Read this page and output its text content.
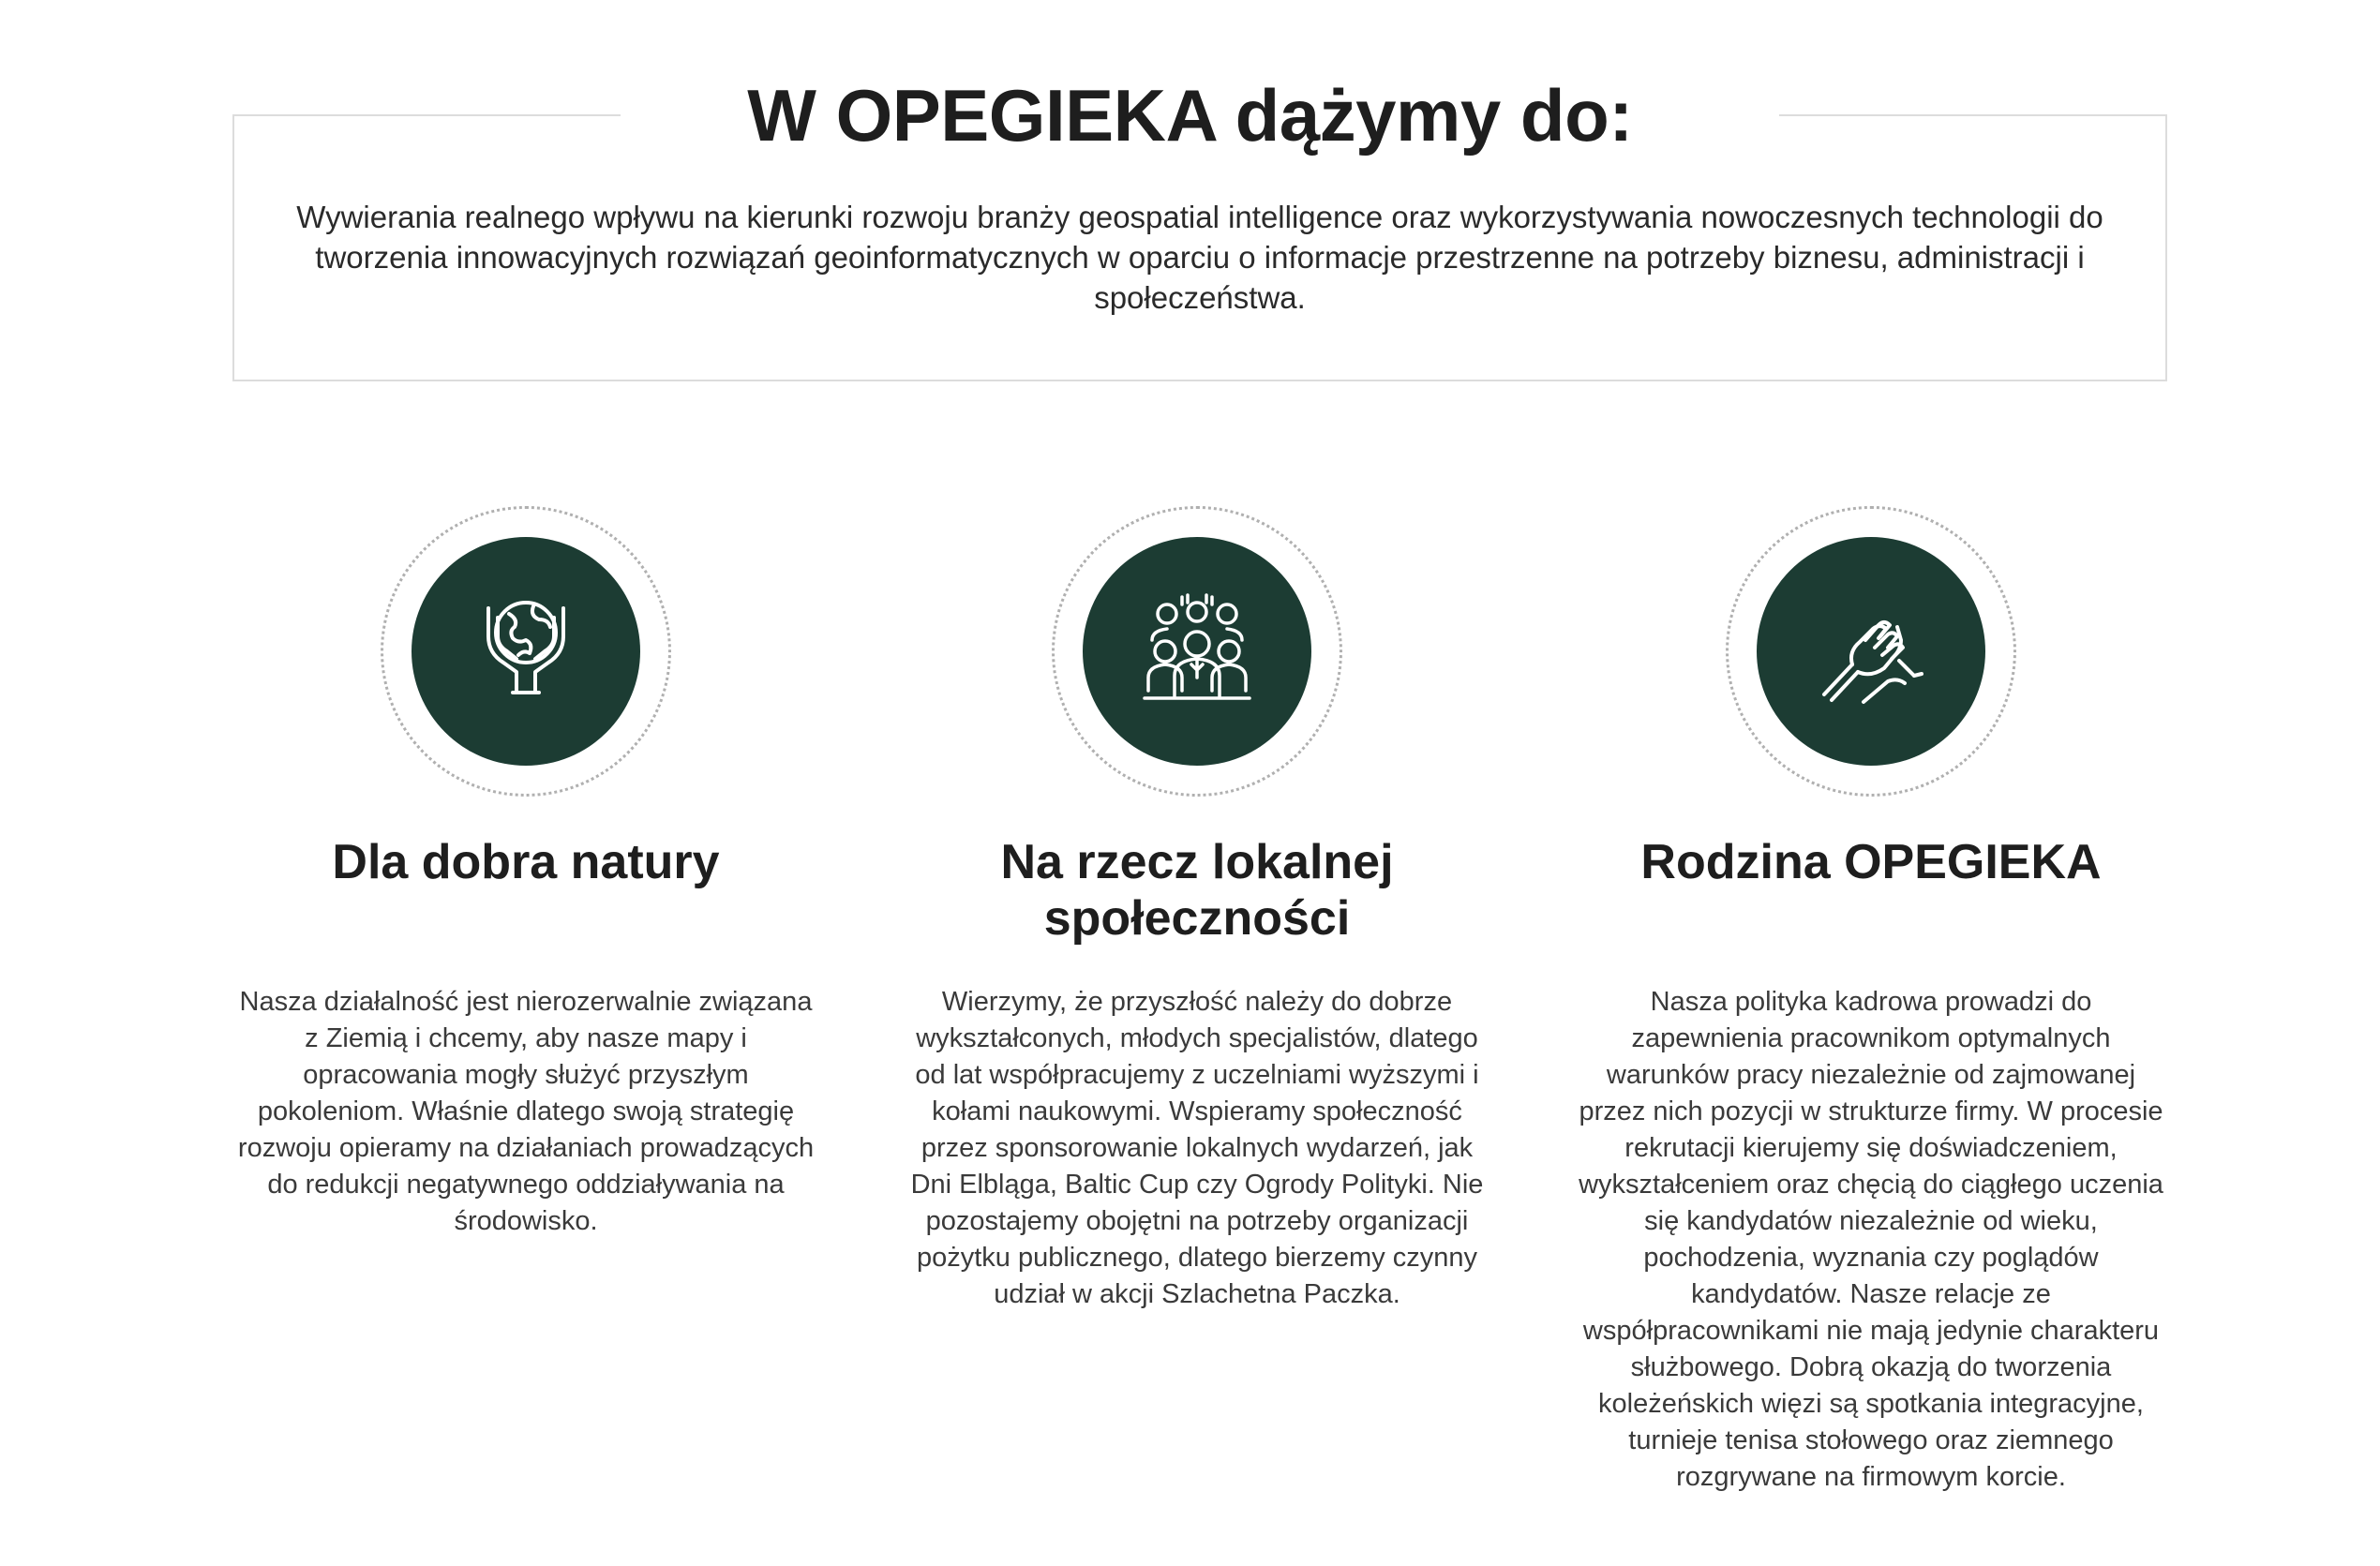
W OPEGIEKA dążymy do:

Wywierania realnego wpływu na kierunki rozwoju branży geospatial intelligence oraz wykorzystywania nowoczesnych technologii do tworzenia innowacyjnych rozwiązań geoinformatycznych w oparciu o informacje przestrzenne na potrzeby biznesu, administracji i społeczeństwa.

Dla dobra natury

Nasza działalność jest nierozerwalnie związana z Ziemią i chcemy, aby nasze mapy i opracowania mogły służyć przyszłym pokoleniom. Właśnie dlatego swoją strategię rozwoju opieramy na działaniach prowadzących do redukcji negatywnego oddziaływania na środowisko.

Na rzecz lokalnej społeczności

Wierzymy, że przyszłość należy do dobrze wykształconych, młodych specjalistów, dlatego od lat współpracujemy z uczelniami wyższymi i kołami naukowymi. Wspieramy społeczność przez sponsorowanie lokalnych wydarzeń, jak Dni Elbląga, Baltic Cup czy Ogrody Polityki. Nie pozostajemy obojętni na potrzeby organizacji pożytku publicznego, dlatego bierzemy czynny udział w akcji Szlachetna Paczka.

Rodzina OPEGIEKA

Nasza polityka kadrowa prowadzi do zapewnienia pracownikom optymalnych warunków pracy niezależnie od zajmowanej przez nich pozycji w strukturze firmy. W procesie rekrutacji kierujemy się doświadczeniem, wykształceniem oraz chęcią do ciągłego uczenia się kandydatów niezależnie od wieku, pochodzenia, wyznania czy poglądów kandydatów. Nasze relacje ze współpracownikami nie mają jedynie charakteru służbowego. Dobrą okazją do tworzenia koleżeńskich więzi są spotkania integracyjne, turnieje tenisa stołowego oraz ziemnego rozgrywane na firmowym korcie.
